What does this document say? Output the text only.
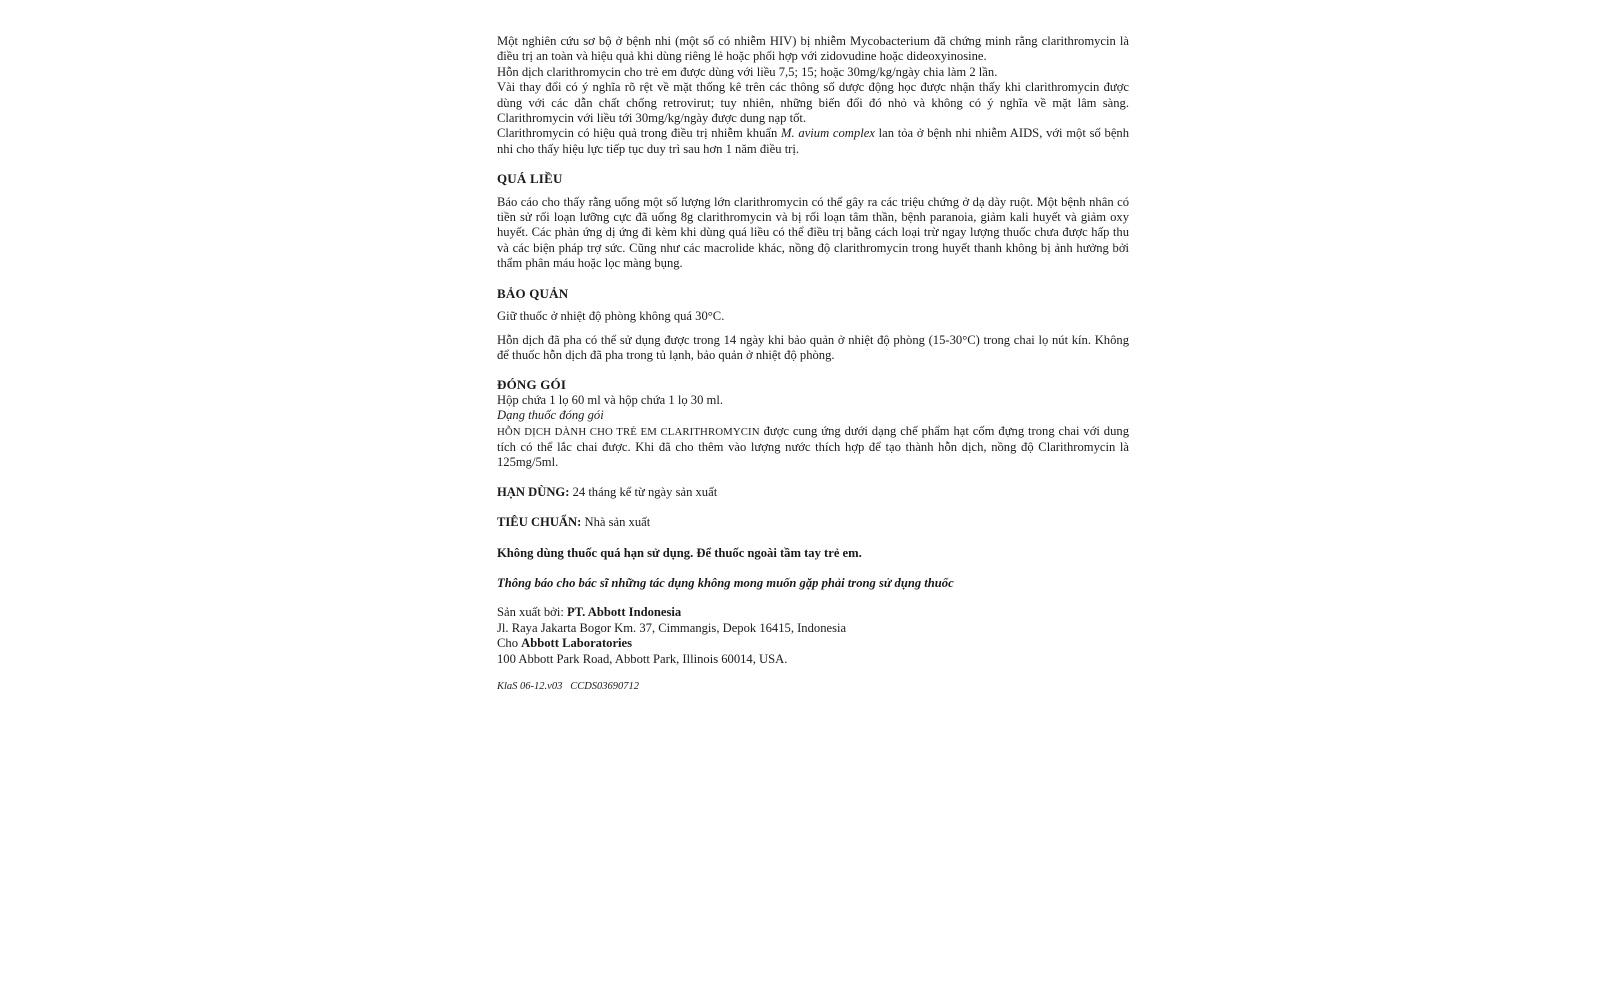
Một nghiên cứu sơ bộ ở bệnh nhi (một số có nhiễm HIV) bị nhiễm Mycobacterium đã chứng minh rằng clarithromycin là điều trị an toàn và hiệu quả khi dùng riêng lẻ hoặc phối hợp với zidovudine hoặc dideoxyinosine.

Hỗn dịch clarithromycin cho trẻ em được dùng với liều 7,5; 15; hoặc 30mg/kg/ngày chia làm 2 lần.

Vài thay đổi có ý nghĩa rõ rệt về mặt thống kê trên các thông số dược động học được nhận thấy khi clarithromycin được dùng với các dẫn chất chống retrovirut; tuy nhiên, những biến đổi đó nhỏ và không có ý nghĩa về mặt lâm sàng. Clarithromycin với liều tới 30mg/kg/ngày được dung nạp tốt.

Clarithromycin có hiệu quả trong điều trị nhiễm khuẩn M. avium complex lan tỏa ở bệnh nhi nhiễm AIDS, với một số bệnh nhi cho thấy hiệu lực tiếp tục duy trì sau hơn 1 năm điều trị.

QUÁ LIỀU

Báo cáo cho thấy rằng uống một số lượng lớn clarithromycin có thể gây ra các triệu chứng ở dạ dày ruột. Một bệnh nhân có tiền sử rối loạn lưỡng cực đã uống 8g clarithromycin và bị rối loạn tâm thần, bệnh paranoia, giảm kali huyết và giảm oxy huyết. Các phản ứng dị ứng đi kèm khi dùng quá liều có thể điều trị bằng cách loại trừ ngay lượng thuốc chưa được hấp thu và các biện pháp trợ sức. Cũng như các macrolide khác, nồng độ clarithromycin trong huyết thanh không bị ảnh hưởng bởi thẩm phân máu hoặc lọc màng bụng.

BẢO QUẢN

Giữ thuốc ở nhiệt độ phòng không quá 30°C.

Hỗn dịch đã pha có thể sử dụng được trong 14 ngày khi bảo quản ở nhiệt độ phòng (15-30°C) trong chai lọ nút kín. Không để thuốc hỗn dịch đã pha trong tủ lạnh, bảo quản ở nhiệt độ phòng.

ĐÓNG GÓI

Hộp chứa 1 lọ 60 ml và hộp chứa 1 lọ 30 ml.

Dạng thuốc đóng gói

HỖN DỊCH DÀNH CHO TRẺ EM CLARITHROMYCIN được cung ứng dưới dạng chế phẩm hạt cốm đựng trong chai với dung tích có thể lắc chai được. Khi đã cho thêm vào lượng nước thích hợp để tạo thành hỗn dịch, nồng độ Clarithromycin là 125mg/5ml.

HẠN DÙNG: 24 tháng kể từ ngày sản xuất

TIÊU CHUẨN: Nhà sản xuất

Không dùng thuốc quá hạn sử dụng. Để thuốc ngoài tầm tay trẻ em.

Thông báo cho bác sĩ những tác dụng không mong muốn gặp phải trong sử dụng thuốc

Sản xuất bởi: PT. Abbott Indonesia

Jl. Raya Jakarta Bogor Km. 37, Cimmangis, Depok 16415, Indonesia

Cho Abbott Laboratories

100 Abbott Park Road, Abbott Park, Illinois 60014, USA.

KlaS 06-12.v03   CCDS03690712
